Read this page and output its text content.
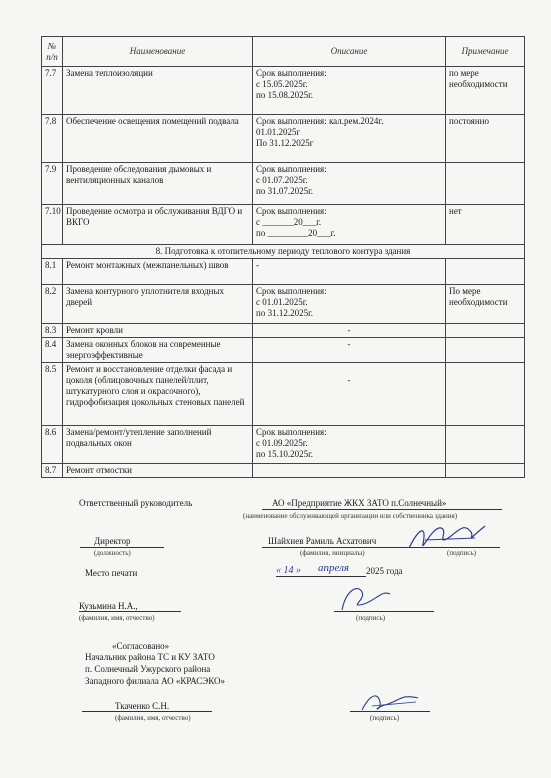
№ п/п	Наименование	Описание	Примечание
7.7	Замена теплоизоляции	Срок выполнения:
с 15.05.2025г.
по 15.08.2025г.	по мере необходимости
7.8	Обеспечение освещения помещений подвала	Срок выполнения: кал.рем.2024г.
01.01.2025г
По 31.12.2025г	постоянно
7.9	Проведение обследования дымовых и вентиляционных каналов	Срок выполнения:
с 01.07.2025г.
по 31.07.2025г.	

7.10	Проведение осмотра и обслуживания ВДГО и ВКГО	Срок выполнения:
с _______20___г.
по _________20___г.	нет
8. Подготовка к отопительному периоду теплового контура здания			
8.1	Ремонт монтажных (межпанельных) швов	-	
8.2	Замена контурного уплотнителя входных дверей	Срок выполнения:
с 01.01.2025г.
по 31.12.2025г.	По мере необходимости
8.3	Ремонт кровли	-	
8.4	Замена оконных блоков на современные энергоэффективные	-	
8.5	Ремонт и восстановление отделки фасада и цоколя (облицовочных панелей/плит, штукатурного слоя и окрасочного), гидрофобизация цокольных стеновых панелей	-	

8.6	Замена/ремонт/утепление заполнений подвальных окон	Срок выполнения:
с 01.09.2025г.
по 15.10.2025г.	

8.7	Ремонт отмостки		
Ответственный руководитель	АО «Предприятие ЖКХ ЗАТО п.Солнечный»
(наименование обслуживающей организации или собственника здания)
Директор
(должность)
Шайхиев Рамиль Асхатович
(фамилия, инициалы)	(подпись)
Место печати	« 14 » апреля 2025 года
Кузьмина Н.А.,
(фамилия, имя, отчество)	(подпись)
«Согласовано»
Начальник района ТС и КУ ЗАТО
п. Солнечный Ужурского района
Западного филиала АО «КРАСЭКО»
Ткаченко С.Н.
(фамилия, имя, отчество)	(подпись)
